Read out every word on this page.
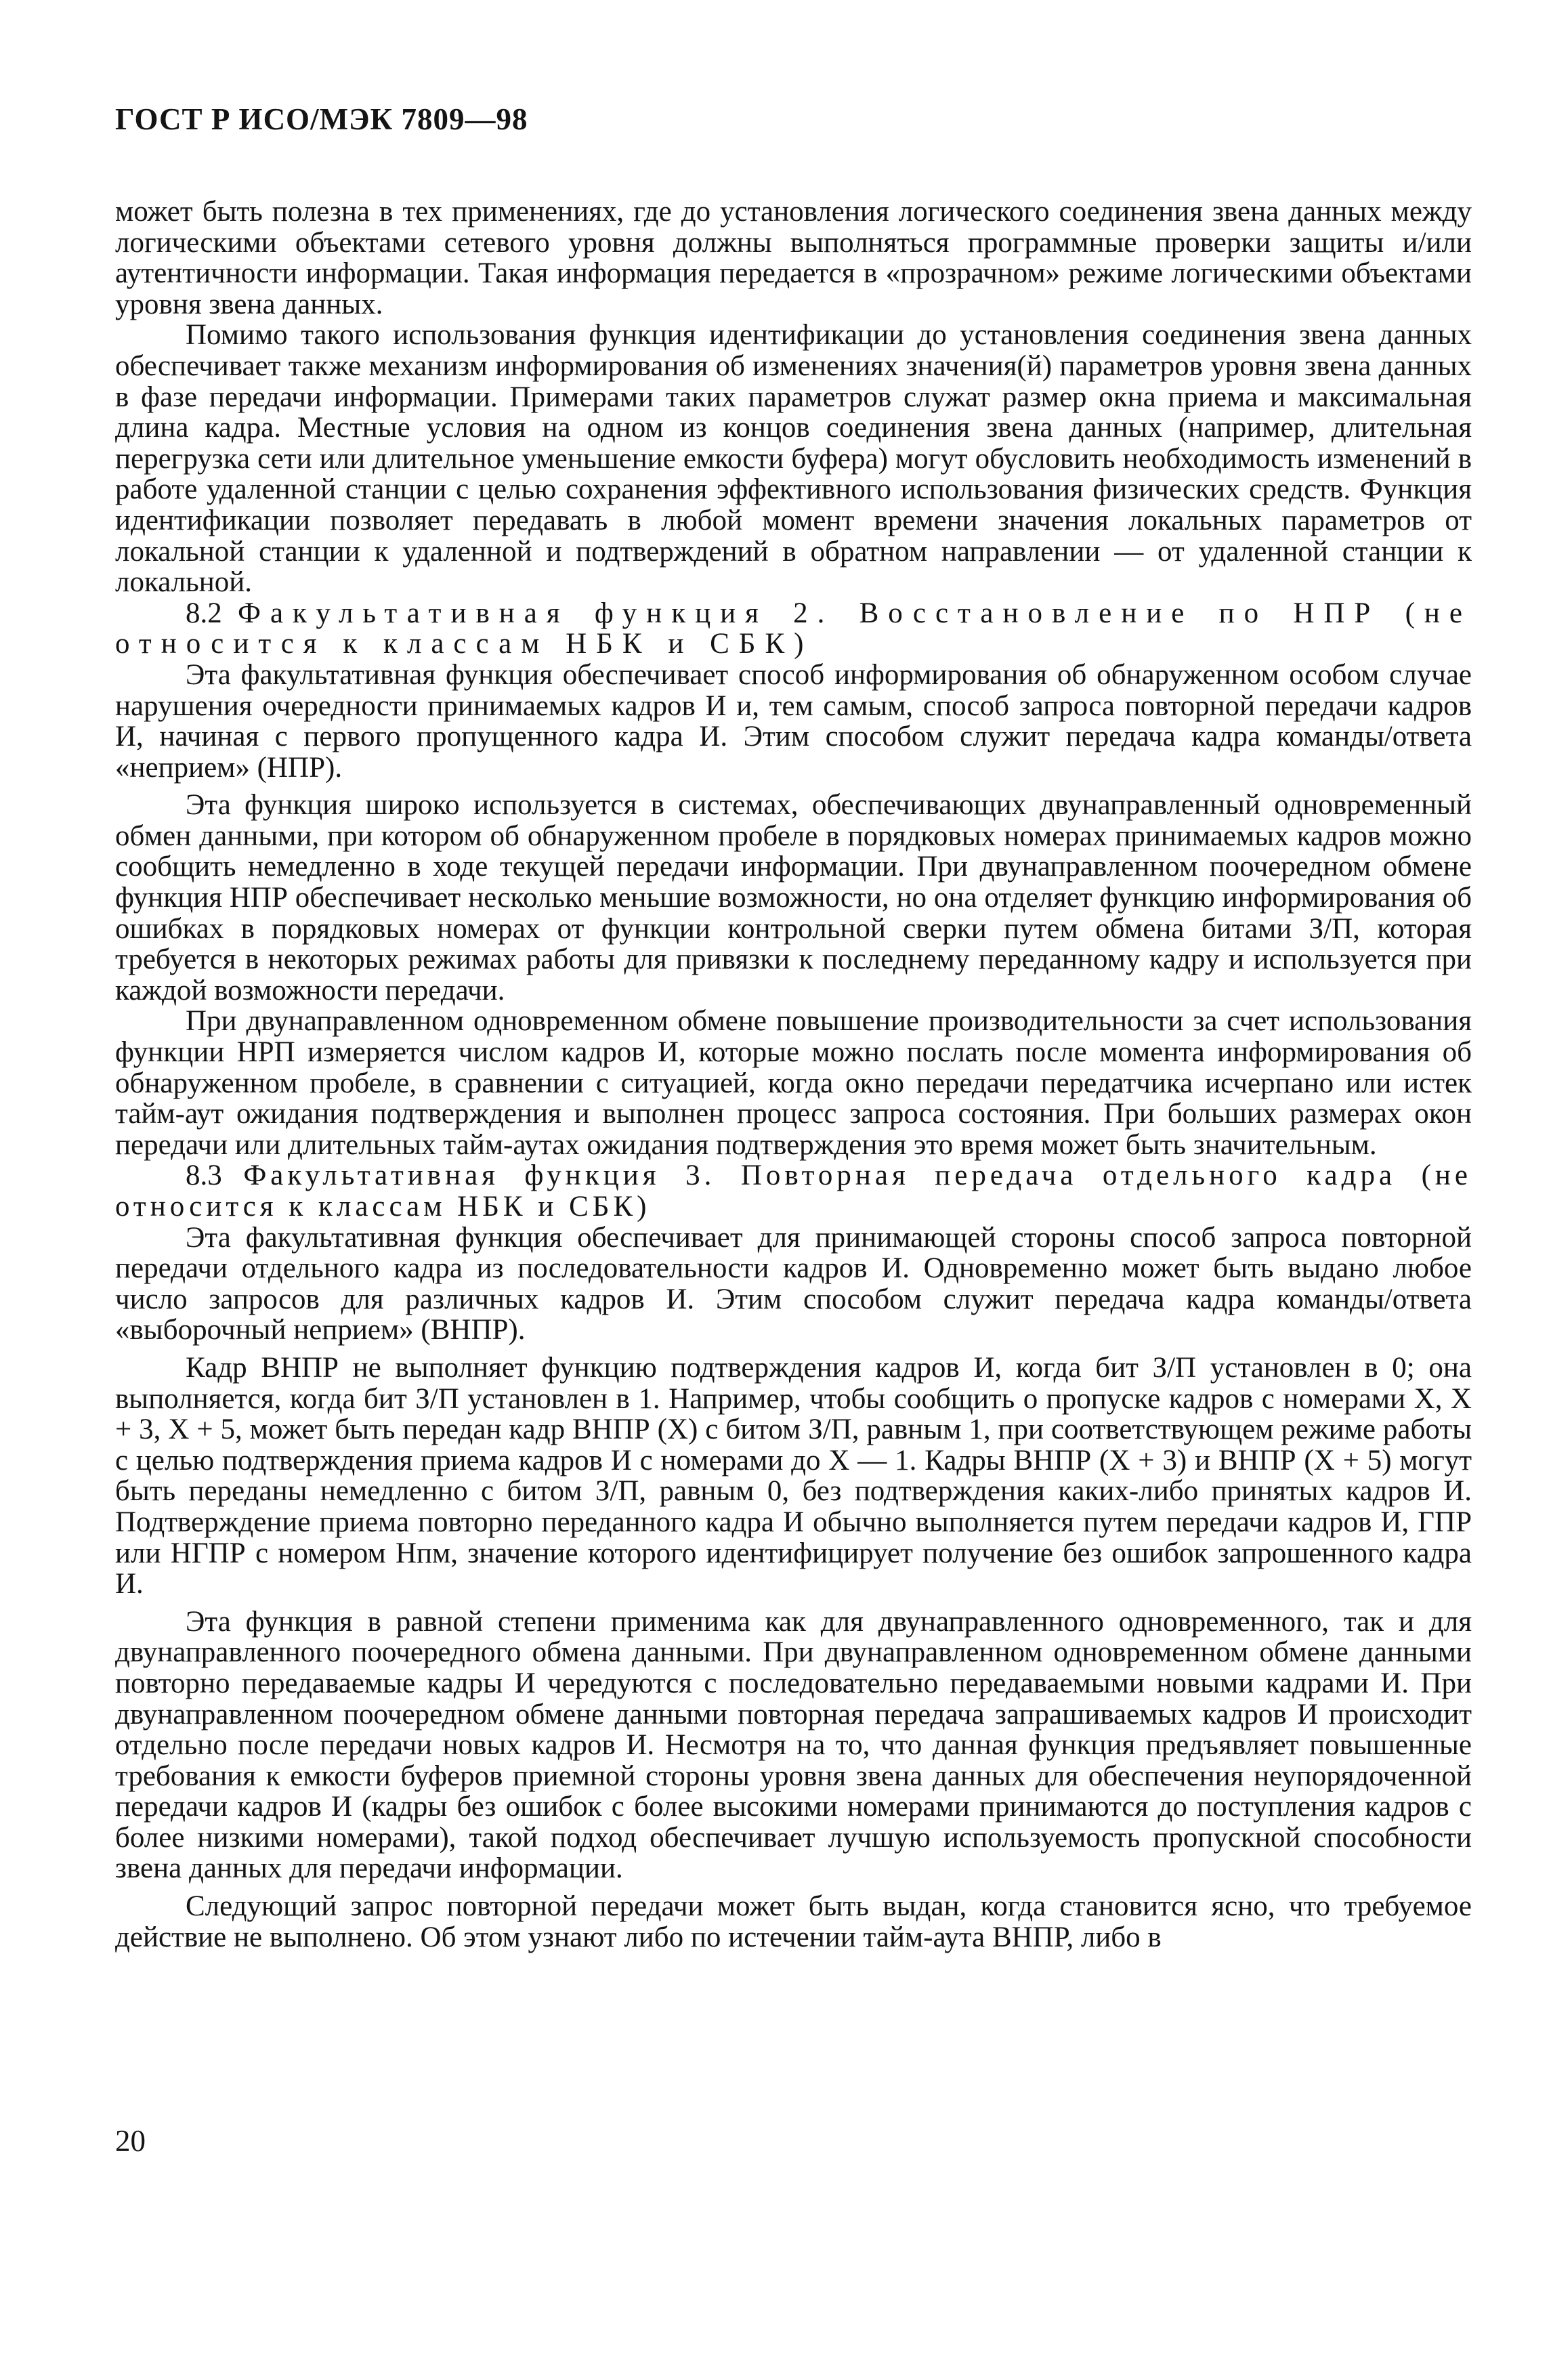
ГОСТ Р ИСО/МЭК 7809—98

может быть полезна в тех применениях, где до установления логического соединения звена данных между логическими объектами сетевого уровня должны выполняться программные проверки защиты и/или аутентичности информации. Такая информация передается в «прозрачном» режиме логическими объектами уровня звена данных.

Помимо такого использования функция идентификации до установления соединения звена данных обеспечивает также механизм информирования об изменениях значения(й) параметров уровня звена данных в фазе передачи информации. Примерами таких параметров служат размер окна приема и максимальная длина кадра. Местные условия на одном из концов соединения звена данных (например, длительная перегрузка сети или длительное уменьшение емкости буфера) могут обусловить необходимость изменений в работе удаленной станции с целью сохранения эффективного использования физических средств. Функция идентификации позволяет передавать в любой момент времени значения локальных параметров от локальной станции к удаленной и подтверждений в обратном направлении — от удаленной станции к локальной.

8.2 Факультативная функция 2. Восстановление по НПР (не относится к классам НБК и СБК)

Эта факультативная функция обеспечивает способ информирования об обнаруженном особом случае нарушения очередности принимаемых кадров И и, тем самым, способ запроса повторной передачи кадров И, начиная с первого пропущенного кадра И. Этим способом служит передача кадра команды/ответа «неприем» (НПР).

Эта функция широко используется в системах, обеспечивающих двунаправленный одновременный обмен данными, при котором об обнаруженном пробеле в порядковых номерах принимаемых кадров можно сообщить немедленно в ходе текущей передачи информации. При двунаправленном поочередном обмене функция НПР обеспечивает несколько меньшие возможности, но она отделяет функцию информирования об ошибках в порядковых номерах от функции контрольной сверки путем обмена битами З/П, которая требуется в некоторых режимах работы для привязки к последнему переданному кадру и используется при каждой возможности передачи.

При двунаправленном одновременном обмене повышение производительности за счет использования функции НРП измеряется числом кадров И, которые можно послать после момента информирования об обнаруженном пробеле, в сравнении с ситуацией, когда окно передачи передатчика исчерпано или истек тайм-аут ожидания подтверждения и выполнен процесс запроса состояния. При больших размерах окон передачи или длительных тайм-аутах ожидания подтверждения это время может быть значительным.

8.3 Факультативная функция 3. Повторная передача отдельного кадра (не относится к классам НБК и СБК)

Эта факультативная функция обеспечивает для принимающей стороны способ запроса повторной передачи отдельного кадра из последовательности кадров И. Одновременно может быть выдано любое число запросов для различных кадров И. Этим способом служит передача кадра команды/ответа «выборочный неприем» (ВНПР).

Кадр ВНПР не выполняет функцию подтверждения кадров И, когда бит З/П установлен в 0; она выполняется, когда бит З/П установлен в 1. Например, чтобы сообщить о пропуске кадров с номерами X, X + 3, X + 5, может быть передан кадр ВНПР (X) с битом З/П, равным 1, при соответствующем режиме работы с целью подтверждения приема кадров И с номерами до X — 1. Кадры ВНПР (X + 3) и ВНПР (X + 5) могут быть переданы немедленно с битом З/П, равным 0, без подтверждения каких-либо принятых кадров И. Подтверждение приема повторно переданного кадра И обычно выполняется путем передачи кадров И, ГПР или НГПР с номером Нпм, значение которого идентифицирует получение без ошибок запрошенного кадра И.

Эта функция в равной степени применима как для двунаправленного одновременного, так и для двунаправленного поочередного обмена данными. При двунаправленном одновременном обмене данными повторно передаваемые кадры И чередуются с последовательно передаваемыми новыми кадрами И. При двунаправленном поочередном обмене данными повторная передача запрашиваемых кадров И происходит отдельно после передачи новых кадров И. Несмотря на то, что данная функция предъявляет повышенные требования к емкости буферов приемной стороны уровня звена данных для обеспечения неупорядоченной передачи кадров И (кадры без ошибок с более высокими номерами принимаются до поступления кадров с более низкими номерами), такой подход обеспечивает лучшую используемость пропускной способности звена данных для передачи информации.

Следующий запрос повторной передачи может быть выдан, когда становится ясно, что требуемое действие не выполнено. Об этом узнают либо по истечении тайм-аута ВНПР, либо в

20
